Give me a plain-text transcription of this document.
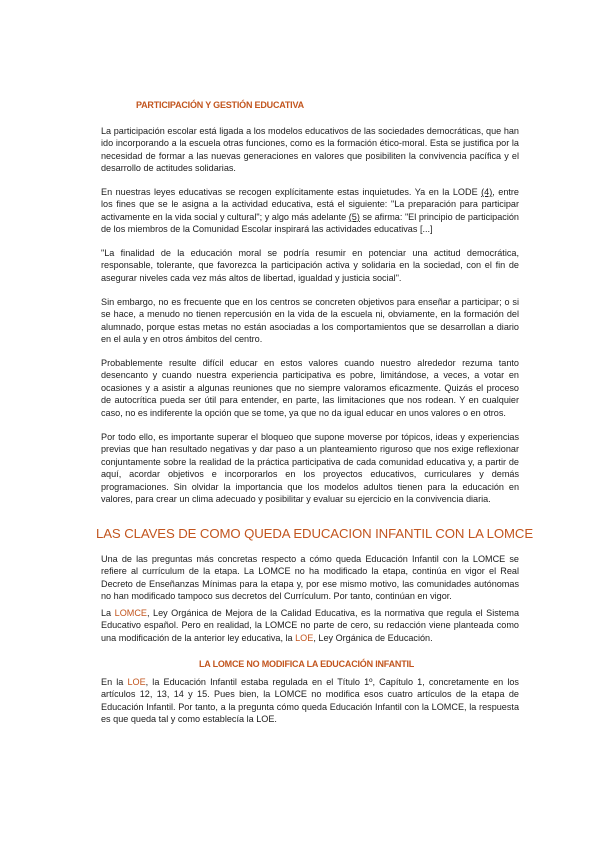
PARTICIPACIÓN Y GESTIÓN EDUCATIVA

La participación escolar está ligada a los modelos educativos de las sociedades democráticas, que han ido incorporando a la escuela otras funciones, como es la formación ético-moral. Esta se justifica por la necesidad de formar a las nuevas generaciones en valores que posibiliten la convivencia pacífica y el desarrollo de actitudes solidarias.

En nuestras leyes educativas se recogen explícitamente estas inquietudes. Ya en la LODE (4), entre los fines que se le asigna a la actividad educativa, está el siguiente: "La preparación para participar activamente en la vida social y cultural"; y algo más adelante (5) se afirma: "El principio de participación de los miembros de la Comunidad Escolar inspirará las actividades educativas [...]

"La finalidad de la educación moral se podría resumir en potenciar una actitud democrática, responsable, tolerante, que favorezca la participación activa y solidaria en la sociedad, con el fin de asegurar niveles cada vez más altos de libertad, igualdad y justicia social".

Sin embargo, no es frecuente que en los centros se concreten objetivos para enseñar a participar; o si se hace, a menudo no tienen repercusión en la vida de la escuela ni, obviamente, en la formación del alumnado, porque estas metas no están asociadas a los comportamientos que se desarrollan a diario en el aula y en otros ámbitos del centro.

Probablemente resulte difícil educar en estos valores cuando nuestro alrededor rezuma tanto desencanto y cuando nuestra experiencia participativa es pobre, limitándose, a veces, a votar en ocasiones y a asistir a algunas reuniones que no siempre valoramos eficazmente. Quizás el proceso de autocrítica pueda ser útil para entender, en parte, las limitaciones que nos rodean. Y en cualquier caso, no es indiferente la opción que se tome, ya que no da igual educar en unos valores o en otros.

Por todo ello, es importante superar el bloqueo que supone moverse por tópicos, ideas y experiencias previas que han resultado negativas y dar paso a un planteamiento riguroso que nos exige reflexionar conjuntamente sobre la realidad de la práctica participativa de cada comunidad educativa y, a partir de aquí, acordar objetivos e incorporarlos en los proyectos educativos, curriculares y demás programaciones. Sin olvidar la importancia que los modelos adultos tienen para la educación en valores, para crear un clima adecuado y posibilitar y evaluar su ejercicio en la convivencia diaria.

LAS CLAVES DE COMO QUEDA EDUCACION INFANTIL CON LA LOMCE

Una de las preguntas más concretas respecto a cómo queda Educación Infantil con la LOMCE se refiere al currículum de la etapa. La LOMCE no ha modificado la etapa, continúa en vigor el Real Decreto de Enseñanzas Mínimas para la etapa y, por ese mismo motivo, las comunidades autónomas no han modificado tampoco sus decretos del Currículum. Por tanto, continúan en vigor.

La LOMCE, Ley Orgánica de Mejora de la Calidad Educativa, es la normativa que regula el Sistema Educativo español. Pero en realidad, la LOMCE no parte de cero, su redacción viene planteada como una modificación de la anterior ley educativa, la LOE, Ley Orgánica de Educación.

LA LOMCE NO MODIFICA LA EDUCACIÓN INFANTIL

En la LOE, la Educación Infantil estaba regulada en el Título 1º, Capítulo 1, concretamente en los artículos 12, 13, 14 y 15. Pues bien, la LOMCE no modifica esos cuatro artículos de la etapa de Educación Infantil. Por tanto, a la pregunta cómo queda Educación Infantil con la LOMCE, la respuesta es que queda tal y como establecía la LOE.
